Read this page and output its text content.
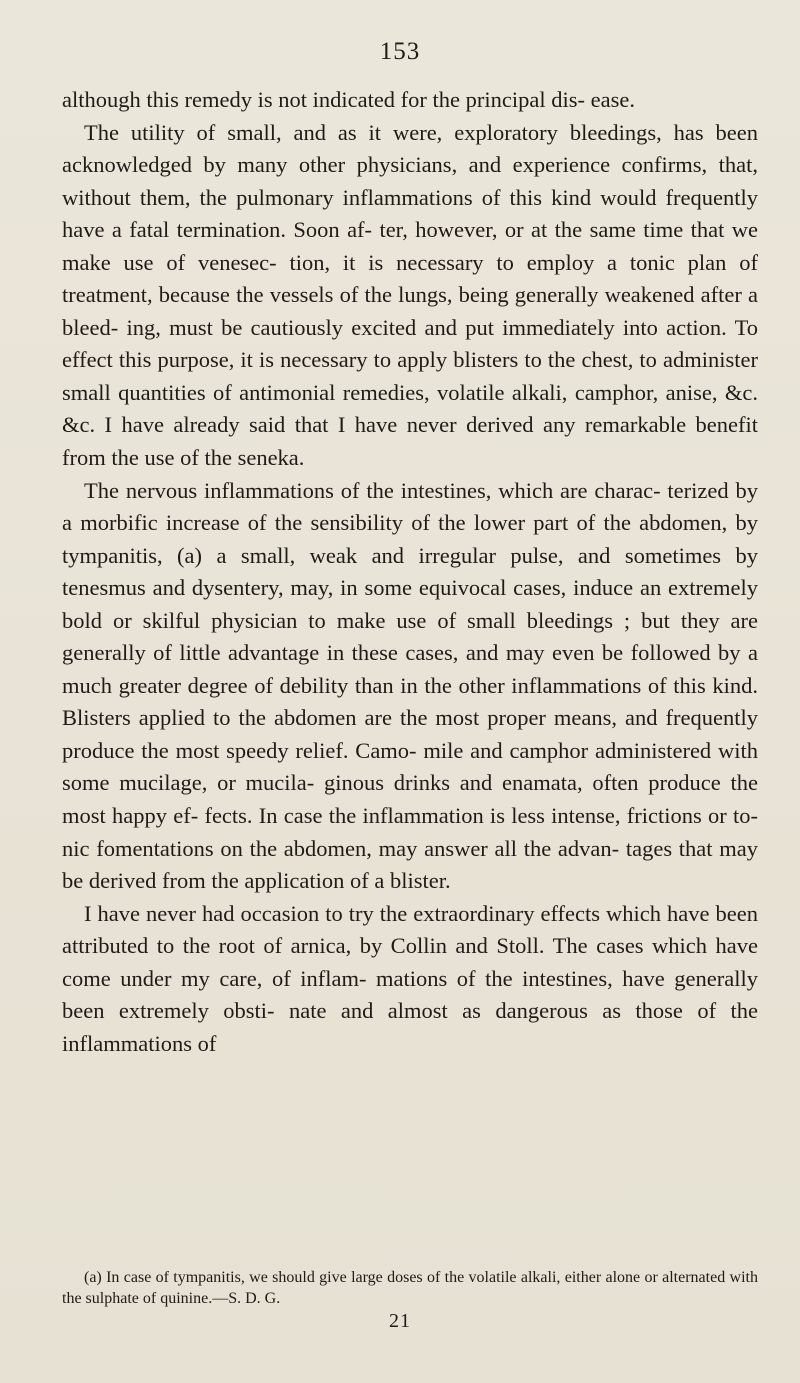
153

although this remedy is not indicated for the principal dis- ease.

The utility of small, and as it were, exploratory bleedings, has been acknowledged by many other physicians, and experience confirms, that, without them, the pulmonary inflammations of this kind would frequently have a fatal termination. Soon af- ter, however, or at the same time that we make use of venesec- tion, it is necessary to employ a tonic plan of treatment, because the vessels of the lungs, being generally weakened after a bleed- ing, must be cautiously excited and put immediately into action. To effect this purpose, it is necessary to apply blisters to the chest, to administer small quantities of antimonial remedies, volatile alkali, camphor, anise, &c. &c. I have already said that I have never derived any remarkable benefit from the use of the seneka.

The nervous inflammations of the intestines, which are charac- terized by a morbific increase of the sensibility of the lower part of the abdomen, by tympanitis, (a) a small, weak and irregular pulse, and sometimes by tenesmus and dysentery, may, in some equivocal cases, induce an extremely bold or skilful physician to make use of small bleedings ; but they are generally of little advantage in these cases, and may even be followed by a much greater degree of debility than in the other inflammations of this kind. Blisters applied to the abdomen are the most proper means, and frequently produce the most speedy relief. Camo- mile and camphor administered with some mucilage, or mucila- ginous drinks and enamata, often produce the most happy ef- fects. In case the inflammation is less intense, frictions or to- nic fomentations on the abdomen, may answer all the advan- tages that may be derived from the application of a blister.

I have never had occasion to try the extraordinary effects which have been attributed to the root of arnica, by Collin and Stoll. The cases which have come under my care, of inflam- mations of the intestines, have generally been extremely obsti- nate and almost as dangerous as those of the inflammations of

(a) In case of tympanitis, we should give large doses of the volatile alkali, either alone or alternated with the sulphate of quinine.—S. D. G.

21
